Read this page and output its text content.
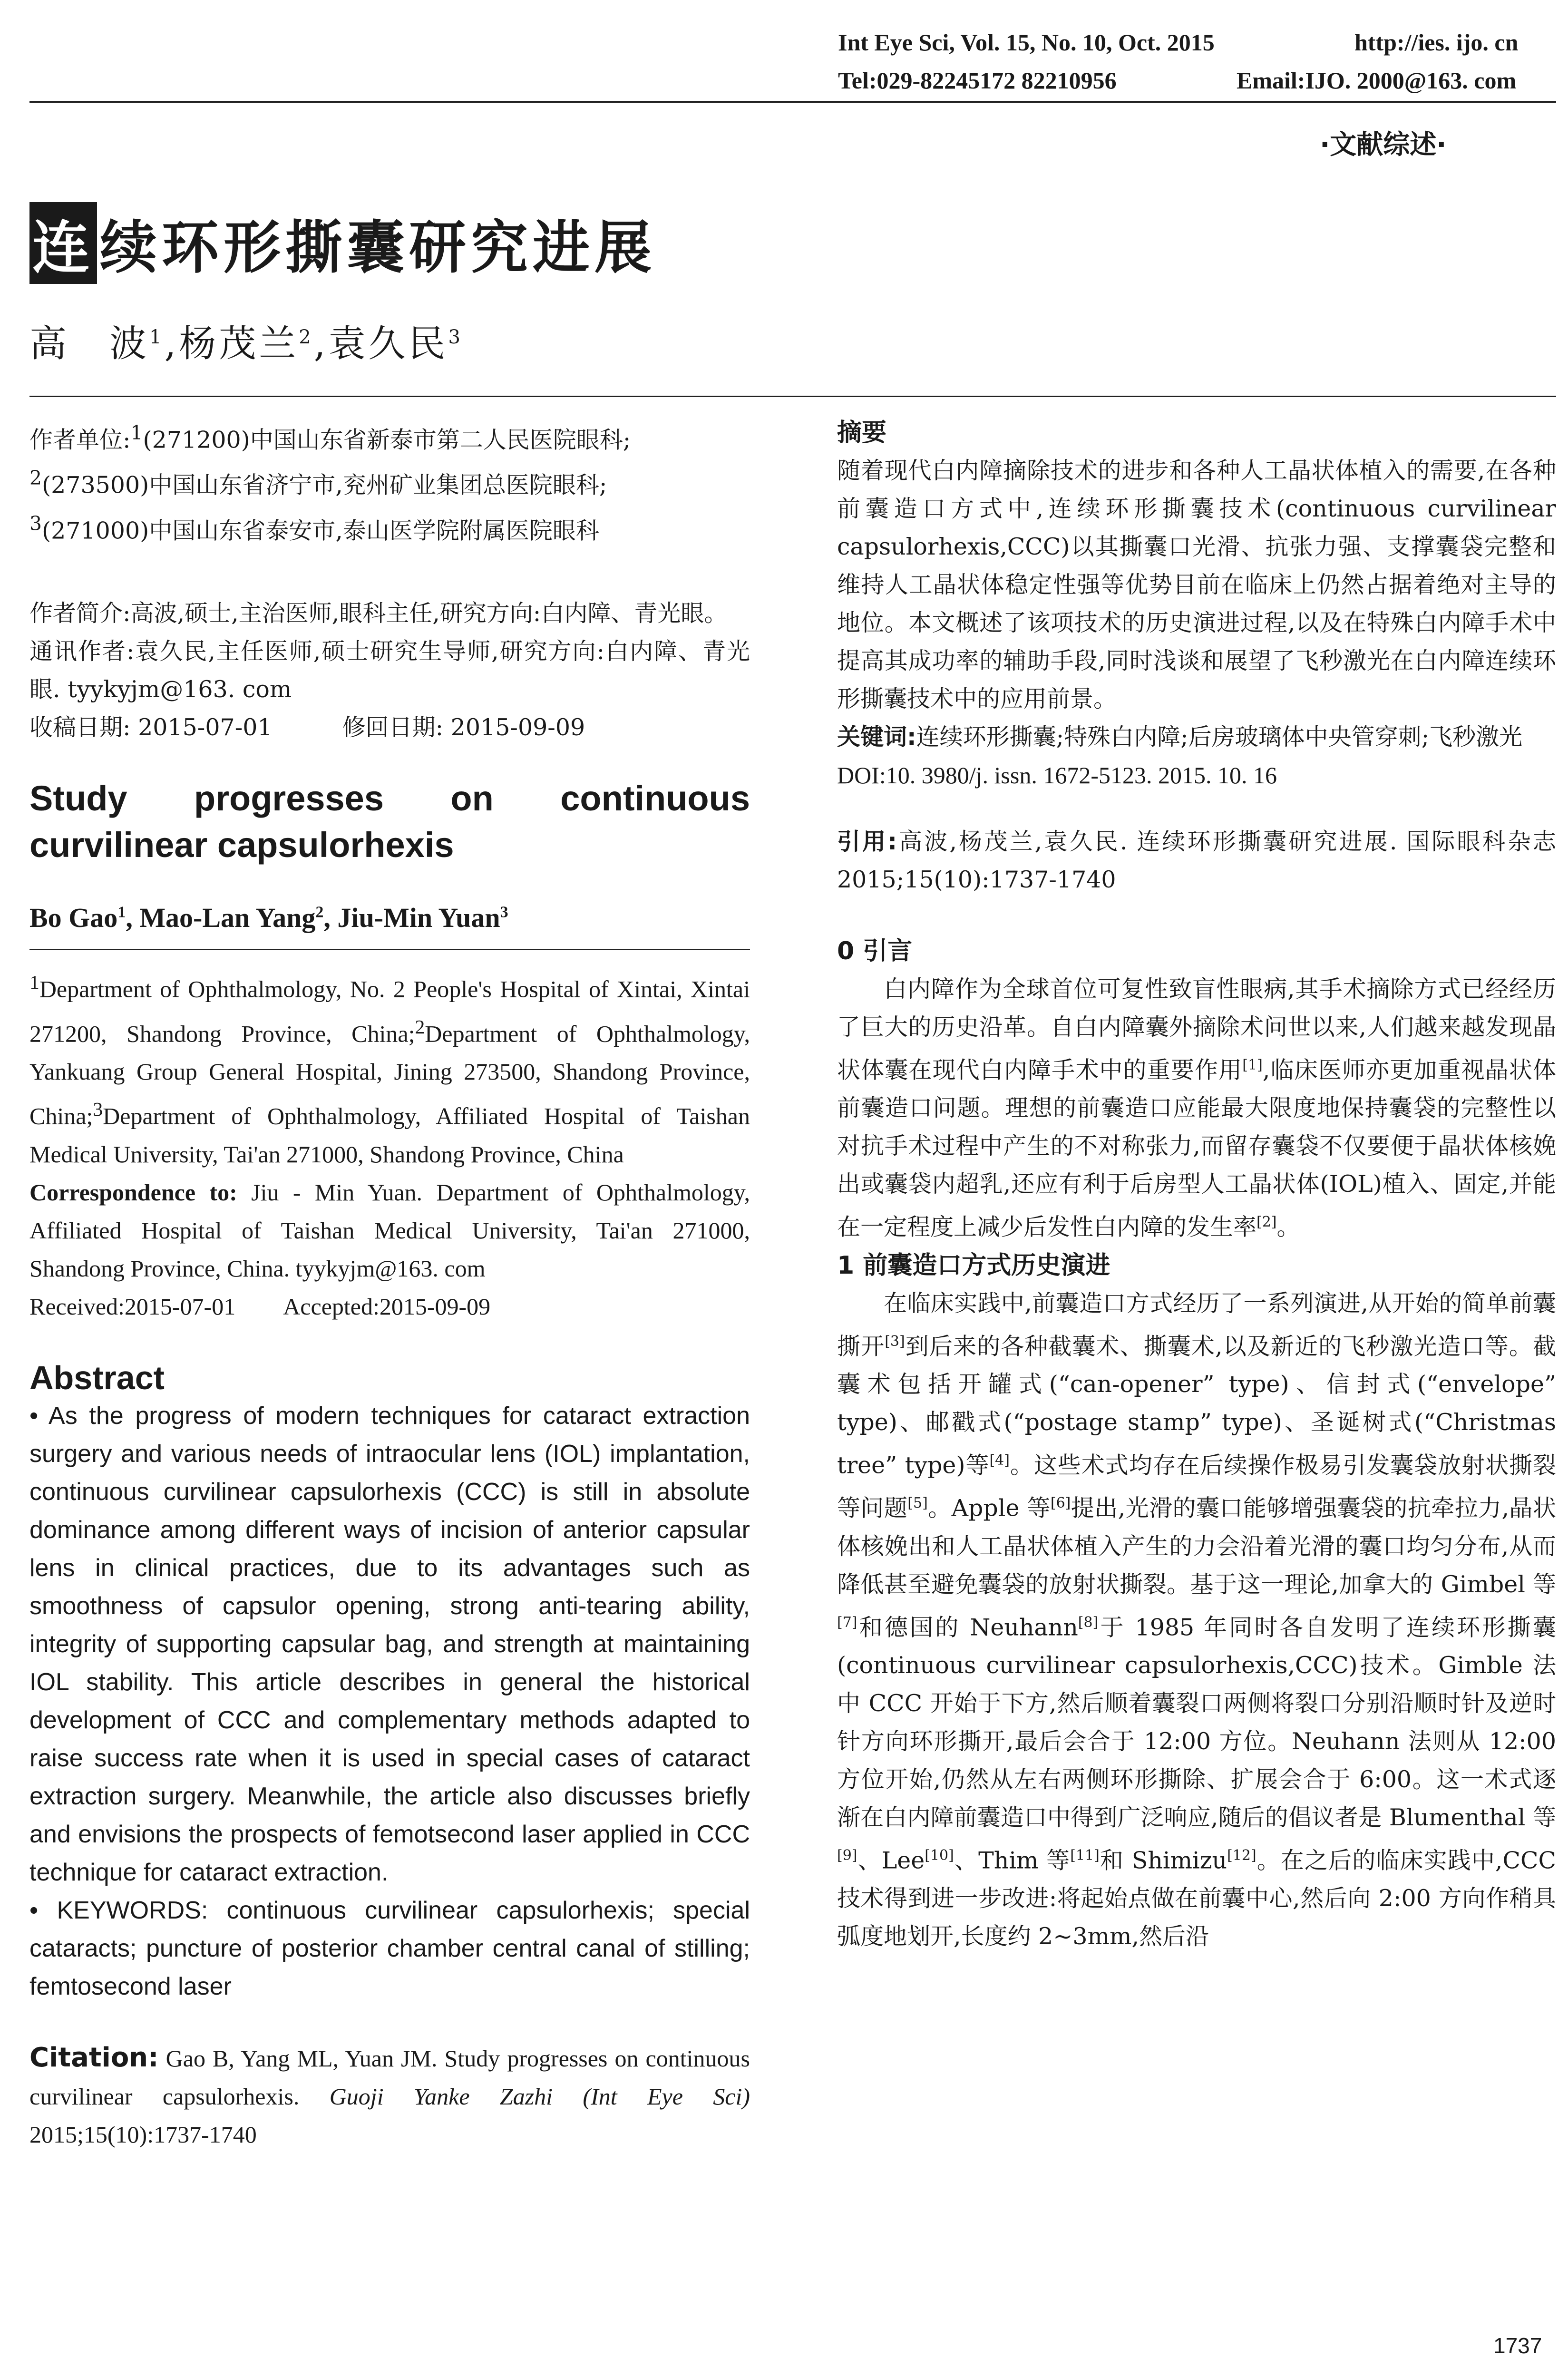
Int Eye Sci, Vol. 15, No. 10, Oct. 2015	http://ies. ijo. cn
Tel:029-82245172 82210956	Email:IJO. 2000@163. com
·文献综述·
连 续环形撕囊研究进展
高　波$^1$,杨茂兰$^2$,袁久民$^3$

作者单位:$^1$(271200)中国山东省新泰市第二人民医院眼科;

$^2$(273500)中国山东省济宁市,兖州矿业集团总医院眼科;

$^3$(271000)中国山东省泰安市,泰山医学院附属医院眼科

作者简介:高波,硕士,主治医师,眼科主任,研究方向:白内障、青光眼。

通讯作者:袁久民,主任医师,硕士研究生导师,研究方向:白内障、青光眼. tyykyjm@163. com

收稿日期: 2015-07-01　　　修回日期: 2015-09-09

Study progresses on continuous

curvilinear capsulorhexis

Bo Gao$^1$, Mao-Lan Yang$^2$, Jiu-Min Yuan$^3$

$^1$Department of Ophthalmology, No. 2 People's Hospital of Xintai, Xintai 271200, Shandong Province, China;$^2$Department of Ophthalmology, Yankuang Group General Hospital, Jining 273500, Shandong Province, China;$^3$Department of Ophthalmology, Affiliated Hospital of Taishan Medical University, Tai'an 271000, Shandong Province, China

Correspondence to: Jiu - Min Yuan. Department of Ophthalmology, Affiliated Hospital of Taishan Medical University, Tai'an 271000, Shandong Province, China. tyykyjm@163. com

Received:2015-07-01　　Accepted:2015-09-09

Abstract

• As the progress of modern techniques for cataract extraction surgery and various needs of intraocular lens (IOL) implantation, continuous curvilinear capsulorhexis (CCC) is still in absolute dominance among different ways of incision of anterior capsular lens in clinical practices, due to its advantages such as smoothness of capsulor opening, strong anti-tearing ability, integrity of supporting capsular bag, and strength at maintaining IOL stability. This article describes in general the historical development of CCC and complementary methods adapted to raise success rate when it is used in special cases of cataract extraction surgery. Meanwhile, the article also discusses briefly and envisions the prospects of femotsecond laser applied in CCC technique for cataract extraction.

• KEYWORDS: continuous curvilinear capsulorhexis; special cataracts; puncture of posterior chamber central canal of stilling; femtosecond laser

Citation: Gao B, Yang ML, Yuan JM. Study progresses on continuous curvilinear capsulorhexis. Guoji Yanke Zazhi (Int Eye Sci) 2015;15(10):1737-1740

摘要

随着现代白内障摘除技术的进步和各种人工晶状体植入的需要,在各种前囊造口方式中,连续环形撕囊技术(continuous curvilinear capsulorhexis,CCC)以其撕囊口光滑、抗张力强、支撑囊袋完整和维持人工晶状体稳定性强等优势目前在临床上仍然占据着绝对主导的地位。本文概述了该项技术的历史演进过程,以及在特殊白内障手术中提高其成功率的辅助手段,同时浅谈和展望了飞秒激光在白内障连续环形撕囊技术中的应用前景。

关键词:连续环形撕囊;特殊白内障;后房玻璃体中央管穿刺;飞秒激光

DOI:10. 3980/j. issn. 1672-5123. 2015. 10. 16

引用:高波,杨茂兰,袁久民. 连续环形撕囊研究进展. 国际眼科杂志 2015;15(10):1737-1740

0 引言

白内障作为全球首位可复性致盲性眼病,其手术摘除方式已经经历了巨大的历史沿革。自白内障囊外摘除术问世以来,人们越来越发现晶状体囊在现代白内障手术中的重要作用[1],临床医师亦更加重视晶状体前囊造口问题。理想的前囊造口应能最大限度地保持囊袋的完整性以对抗手术过程中产生的不对称张力,而留存囊袋不仅要便于晶状体核娩出或囊袋内超乳,还应有利于后房型人工晶状体(IOL)植入、固定,并能在一定程度上减少后发性白内障的发生率[2]。

1 前囊造口方式历史演进

在临床实践中,前囊造口方式经历了一系列演进,从开始的简单前囊撕开[3]到后来的各种截囊术、撕囊术,以及新近的飞秒激光造口等。截囊术包括开罐式(“can-opener” type)、信封式(“envelope” type)、邮戳式(“postage stamp” type)、圣诞树式(“Christmas tree” type)等[4]。这些术式均存在后续操作极易引发囊袋放射状撕裂等问题[5]。Apple 等[6]提出,光滑的囊口能够增强囊袋的抗牵拉力,晶状体核娩出和人工晶状体植入产生的力会沿着光滑的囊口均匀分布,从而降低甚至避免囊袋的放射状撕裂。基于这一理论,加拿大的 Gimbel 等[7]和德国的 Neuhann[8]于 1985 年同时各自发明了连续环形撕囊(continuous curvilinear capsulorhexis,CCC)技术。Gimble 法中 CCC 开始于下方,然后顺着囊裂口两侧将裂口分别沿顺时针及逆时针方向环形撕开,最后会合于 12:00 方位。Neuhann 法则从 12:00 方位开始,仍然从左右两侧环形撕除、扩展会合于 6:00。这一术式逐渐在白内障前囊造口中得到广泛响应,随后的倡议者是 Blumenthal 等[9]、Lee[10]、Thim 等[11]和 Shimizu[12]。在之后的临床实践中,CCC 技术得到进一步改进:将起始点做在前囊中心,然后向 2:00 方向作稍具弧度地划开,长度约 2~3mm,然后沿

1737
